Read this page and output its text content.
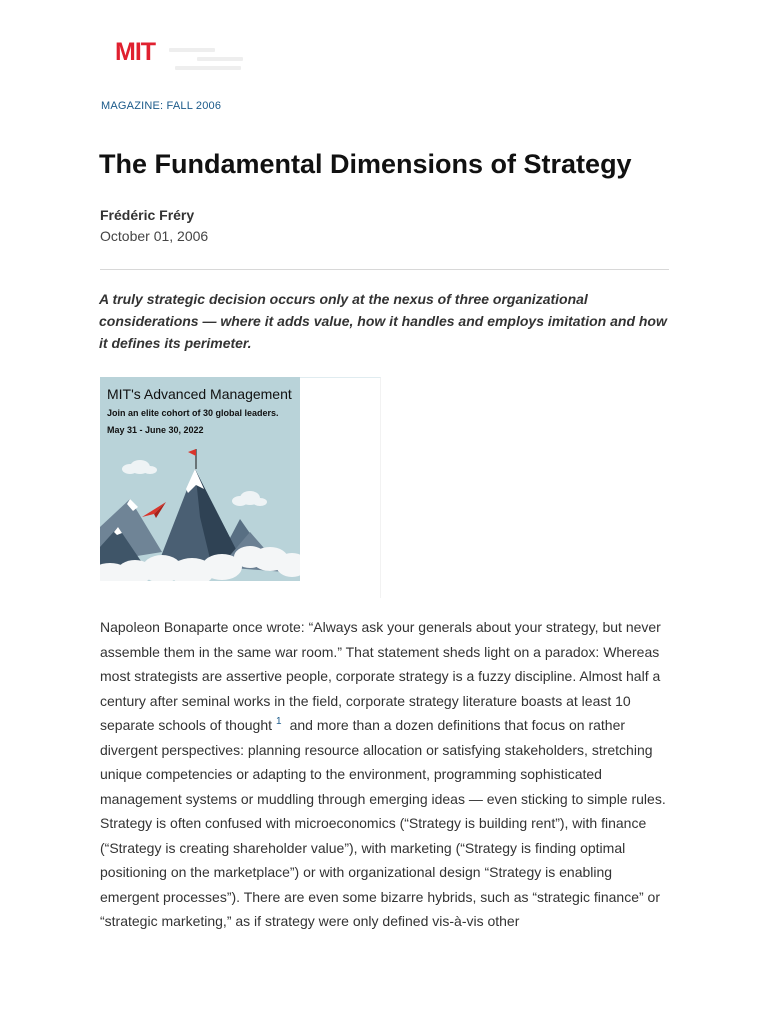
MIT
MAGAZINE: FALL 2006
The Fundamental Dimensions of Strategy
Frédéric Fréry
October 01, 2006

A truly strategic decision occurs only at the nexus of three organizational considerations — where it adds value, how it handles and employs imitation and how it defines its perimeter.

MIT's Advanced Management
Join an elite cohort of 30 global leaders.
May 31 - June 30, 2022

Napoleon Bonaparte once wrote: “Always ask your generals about your strategy, but never assemble them in the same war room.” That statement sheds light on a paradox: Whereas most strategists are assertive people, corporate strategy is a fuzzy discipline. Almost half a century after seminal works in the field, corporate strategy literature boasts at least 10 separate schools of thought $^1$ and more than a dozen definitions that focus on rather divergent perspectives: planning resource allocation or satisfying stakeholders, stretching unique competencies or adapting to the environment, programming sophisticated management systems or muddling through emerging ideas — even sticking to simple rules. Strategy is often confused with microeconomics (“Strategy is building rent”), with finance (“Strategy is creating shareholder value”), with marketing (“Strategy is finding optimal positioning on the marketplace”) or with organizational design “Strategy is enabling emergent processes”). There are even some bizarre hybrids, such as “strategic finance” or “strategic marketing,” as if strategy were only defined vis-à-vis other
